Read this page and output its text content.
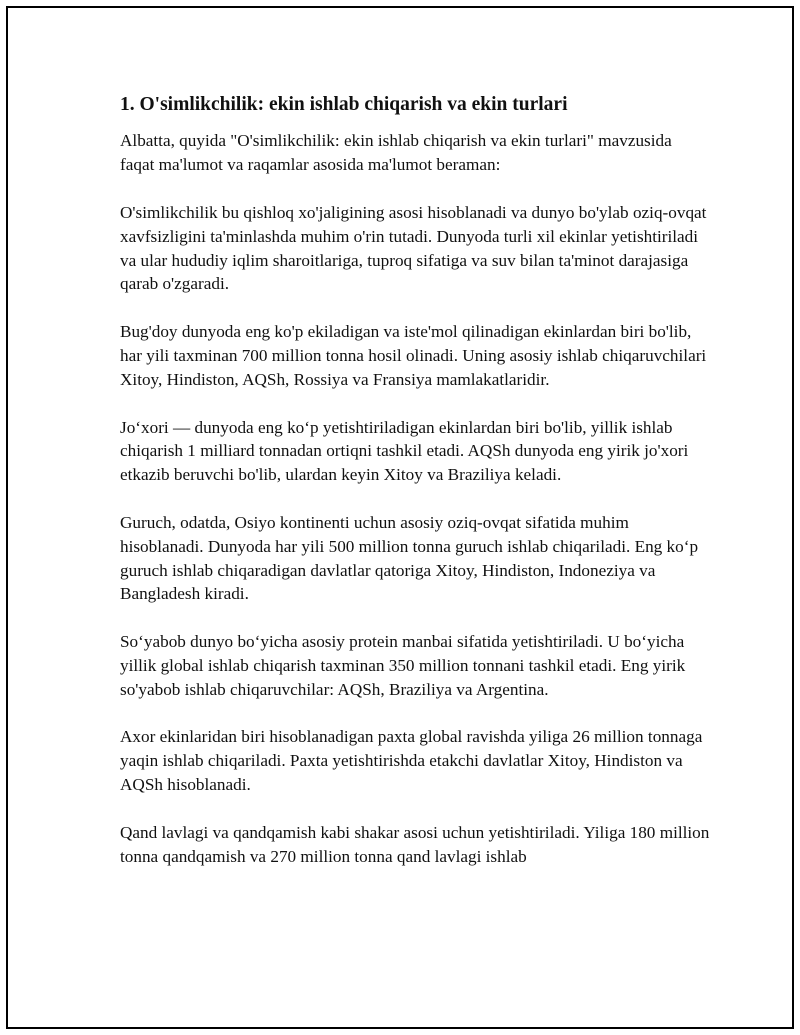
1. O'simlikchilik: ekin ishlab chiqarish va ekin turlari

Albatta, quyida "O'simlikchilik: ekin ishlab chiqarish va ekin turlari" mavzusida faqat ma'lumot va raqamlar asosida ma'lumot beraman:

O'simlikchilik bu qishloq xo'jaligining asosi hisoblanadi va dunyo bo'ylab oziq-ovqat xavfsizligini ta'minlashda muhim o'rin tutadi. Dunyoda turli xil ekinlar yetishtiriladi va ular hududiy iqlim sharoitlariga, tuproq sifatiga va suv bilan ta'minot darajasiga qarab o'zgaradi.

Bug'doy dunyoda eng ko'p ekiladigan va iste'mol qilinadigan ekinlardan biri bo'lib, har yili taxminan 700 million tonna hosil olinadi. Uning asosiy ishlab chiqaruvchilari Xitoy, Hindiston, AQSh, Rossiya va Fransiya mamlakatlaridir.

Jo‘xori — dunyoda eng ko‘p yetishtiriladigan ekinlardan biri bo'lib, yillik ishlab chiqarish 1 milliard tonnadan ortiqni tashkil etadi. AQSh dunyoda eng yirik jo'xori etkazib beruvchi bo'lib, ulardan keyin Xitoy va Braziliya keladi.

Guruch, odatda, Osiyo kontinenti uchun asosiy oziq-ovqat sifatida muhim hisoblanadi. Dunyoda har yili 500 million tonna guruch ishlab chiqariladi. Eng ko‘p guruch ishlab chiqaradigan davlatlar qatoriga Xitoy, Hindiston, Indoneziya va Bangladesh kiradi.

So‘yabob dunyo bo‘yicha asosiy protein manbai sifatida yetishtiriladi. U bo‘yicha yillik global ishlab chiqarish taxminan 350 million tonnani tashkil etadi. Eng yirik so'yabob ishlab chiqaruvchilar: AQSh, Braziliya va Argentina.

Axor ekinlaridan biri hisoblanadigan paxta global ravishda yiliga 26 million tonnaga yaqin ishlab chiqariladi. Paxta yetishtirishda etakchi davlatlar Xitoy, Hindiston va AQSh hisoblanadi.

Qand lavlagi va qandqamish kabi shakar asosi uchun yetishtiriladi. Yiliga 180 million tonna qandqamish va 270 million tonna qand lavlagi ishlab
